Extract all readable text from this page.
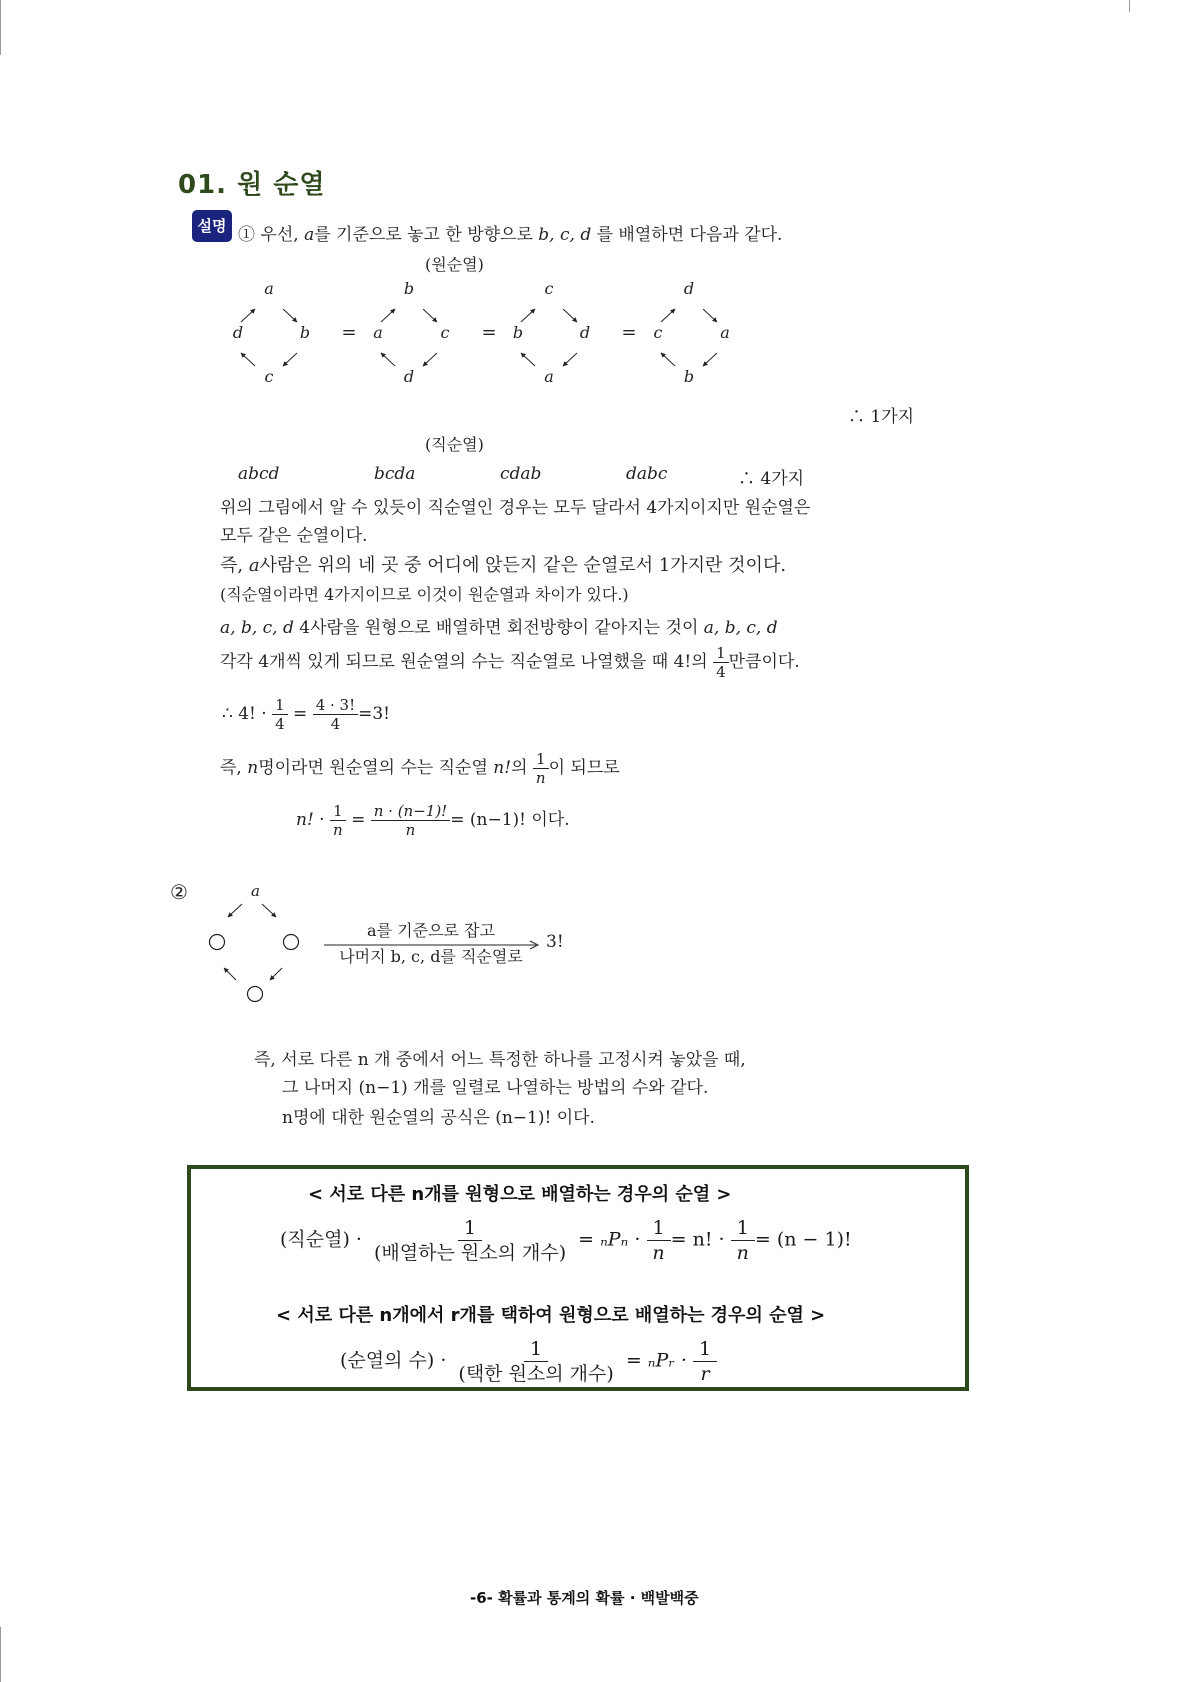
01. 원 순열
설명 ① 우선, a를 기준으로 놓고 한 방향으로 b, c, d 를 배열하면 다음과 같다.
(원순열)
a
d	b
c
=
b
a	c
d
=
c
b	d
a
=
d
c	a
b
∴ 1가지
(직순열)
abcd	bcda	cdab	dabc	∴ 4가지
위의 그림에서 알 수 있듯이 직순열인 경우는 모두 달라서 4가지이지만 원순열은
모두 같은 순열이다.
즉, a사람은 위의 네 곳 중 어디에 앉든지 같은 순열로서 1가지란 것이다.
(직순열이라면 4가지이므로 이것이 원순열과 차이가 있다.)
a, b, c, d 4사람을 원형으로 배열하면 회전방향이 같아지는 것이 a, b, c, d
각각 4개씩 있게 되므로 원순열의 수는 직순열로 나열했을 때 4!의 $\frac{1}{4}$ 만큼이다.
∴ 4! · $\frac{1}{4} = \frac{4 \cdot 3!}{4} =3$!
즉, n명이라면 원순열의 수는 직순열 n!의 $\frac{1}{n}$ 이 되므로
n! · $\frac{1}{n} = \frac{n \cdot (n-1)!}{n} = (n-1)$! 이다.
②	a
a를 기준으로 잡고
나머지 b, c, d를 직순열로
3!
즉, 서로 다른 n 개 중에서 어느 특정한 하나를 고정시켜 놓았을 때,
그 나머지 (n−1) 개를 일렬로 나열하는 방법의 수와 같다.
n명에 대한 원순열의 공식은 (n−1)! 이다.
< 서로 다른 n개를 원형으로 배열하는 경우의 순열 >
(직순열) · $\frac{1}{\text{(배열하는 원소의 개수)}} = _nP_n \cdot \frac{1}{n} = n$! · $\frac{1}{n} = (n - 1)$!
< 서로 다른 n개에서 r개를 택하여 원형으로 배열하는 경우의 순열 >
(순열의 수) · $\frac{1}{\text{(택한 원소의 개수)}}$ = ₙPᵣ · $\frac{1}{r}$
-6- 확률과 통계의 확률 · 백발백중
